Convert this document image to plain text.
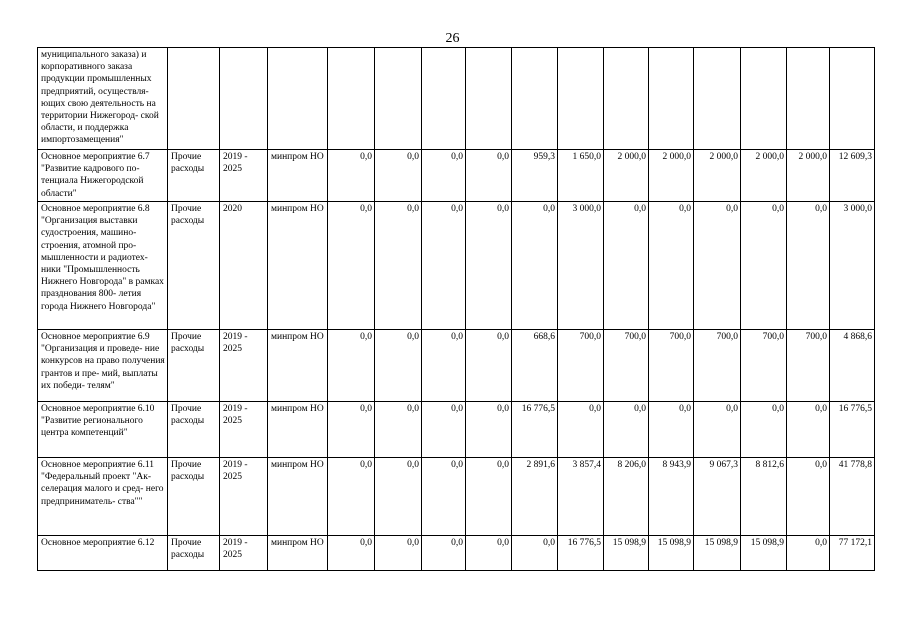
26
муниципального заказа) и корпоративного заказа продукции промышленных предприятий, осуществля- ющих свою деятельность на территории Нижегород- ской области, и поддержка импортозамещения"															
Основное мероприятие 6.7 "Развитие кадрового по- тенциала Нижегородской области"	Прочие расходы	2019 - 2025	минпром НО	0,0	0,0	0,0	0,0	959,3	1 650,0	2 000,0	2 000,0	2 000,0	2 000,0	2 000,0	12 609,3
Основное мероприятие 6.8 "Организация выставки судостроения, машино- строения, атомной про- мышленности и радиотех- ники "Промышленность Нижнего Новгорода" в рамках празднования 800- летия города Нижнего Новгорода"	Прочие расходы	2020	минпром НО	0,0	0,0	0,0	0,0	0,0	3 000,0	0,0	0,0	0,0	0,0	0,0	3 000,0
Основное мероприятие 6.9 "Организация и проведе- ние конкурсов на право получения грантов и пре- мий, выплаты их победи- телям"	Прочие расходы	2019 - 2025	минпром НО	0,0	0,0	0,0	0,0	668,6	700,0	700,0	700,0	700,0	700,0	700,0	4 868,6
Основное мероприятие 6.10 "Развитие регионального центра компетенций"	Прочие расходы	2019 - 2025	минпром НО	0,0	0,0	0,0	0,0	16 776,5	0,0	0,0	0,0	0,0	0,0	0,0	16 776,5
Основное мероприятие 6.11 "Федеральный проект "Ак- селерация малого и сред- него предприниматель- ства""	Прочие расходы	2019 - 2025	минпром НО	0,0	0,0	0,0	0,0	2 891,6	3 857,4	8 206,0	8 943,9	9 067,3	8 812,6	0,0	41 778,8
Основное мероприятие 6.12	Прочие расходы	2019 - 2025	минпром НО	0,0	0,0	0,0	0,0	0,0	16 776,5	15 098,9	15 098,9	15 098,9	15 098,9	0,0	77 172,1
